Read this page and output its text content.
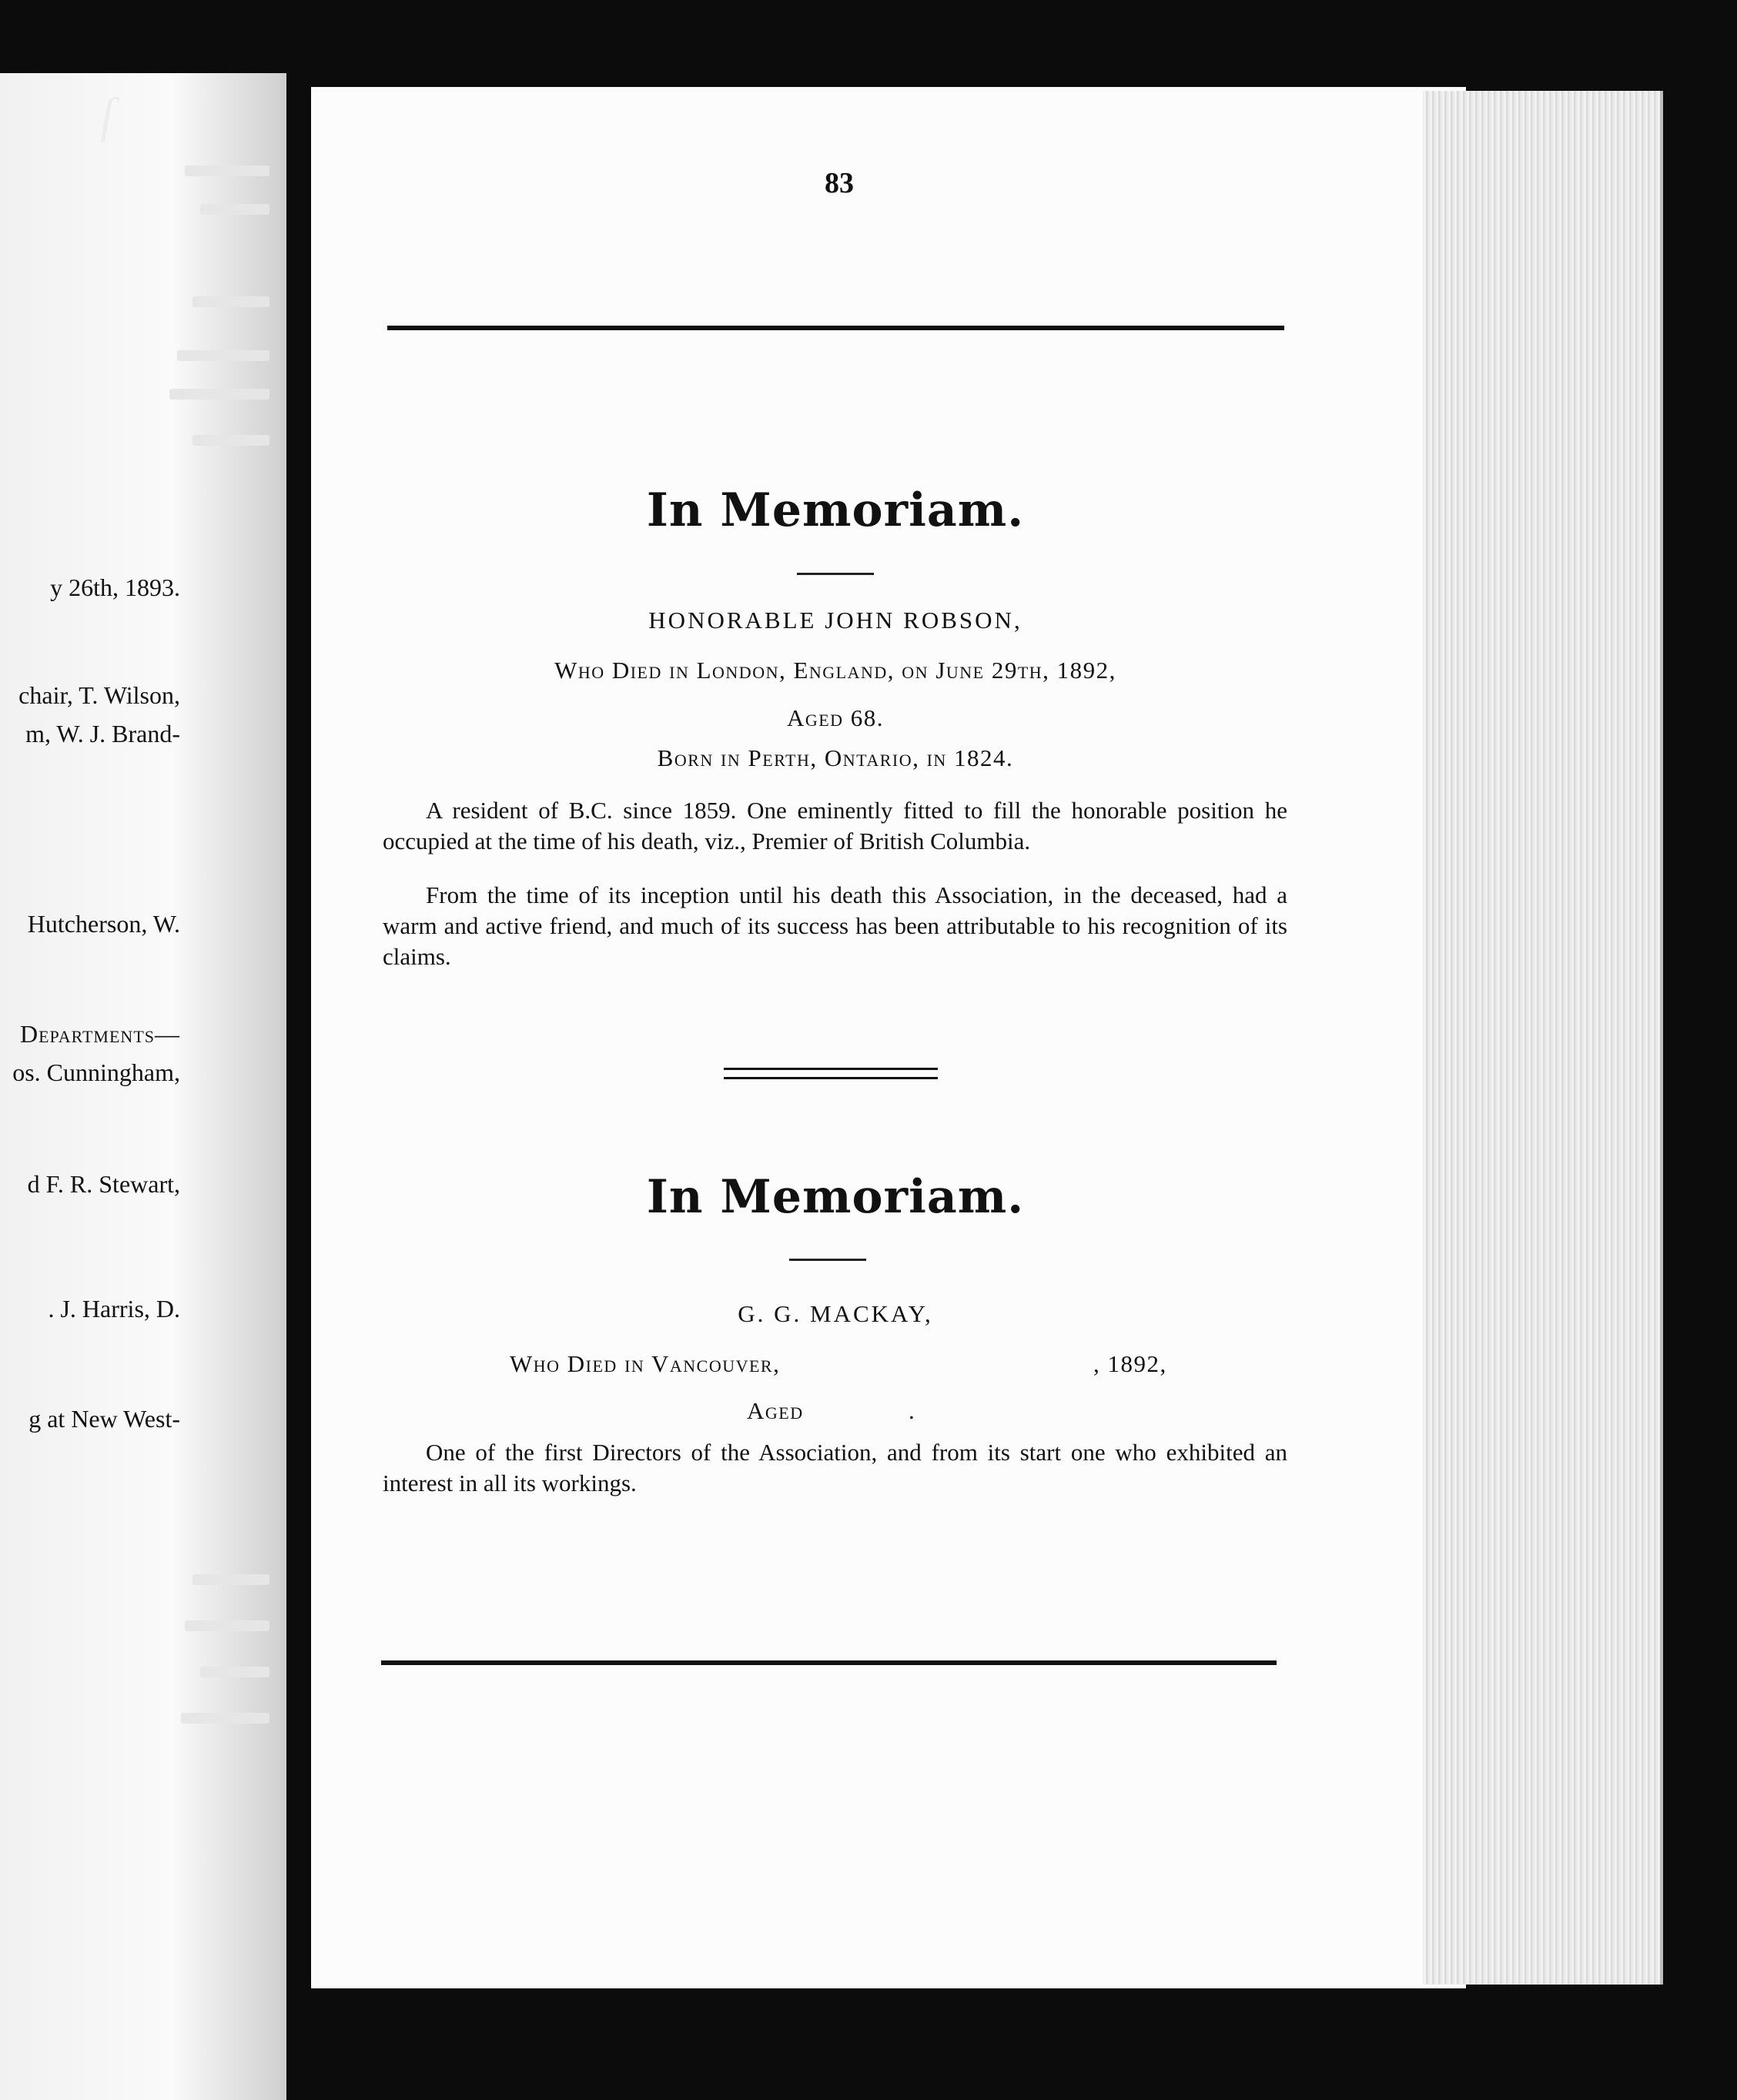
ſ
y 26th, 1893.
chair, T. Wilson,
m, W. J. Brand-
Hutcherson, W.
Departments—
os. Cunningham,
d F. R. Stewart,
. J. Harris, D.
g at New West-
83
In Memoriam.
HONORABLE JOHN ROBSON,
Who Died in London, England, on June 29th, 1892,
Aged 68.
Born in Perth, Ontario, in 1824.
A resident of B.C. since 1859. One eminently fitted to fill the honorable position he occupied at the time of his death, viz., Premier of British Columbia.
From the time of its inception until his death this Association, in the deceased, had a warm and active friend, and much of its success has been attributable to his recognition of its claims.
In Memoriam.
G. G. MACKAY,
Who Died in Vancouver,	, 1892,
Aged	.
One of the first Directors of the Association, and from its start one who exhibited an interest in all its workings.
